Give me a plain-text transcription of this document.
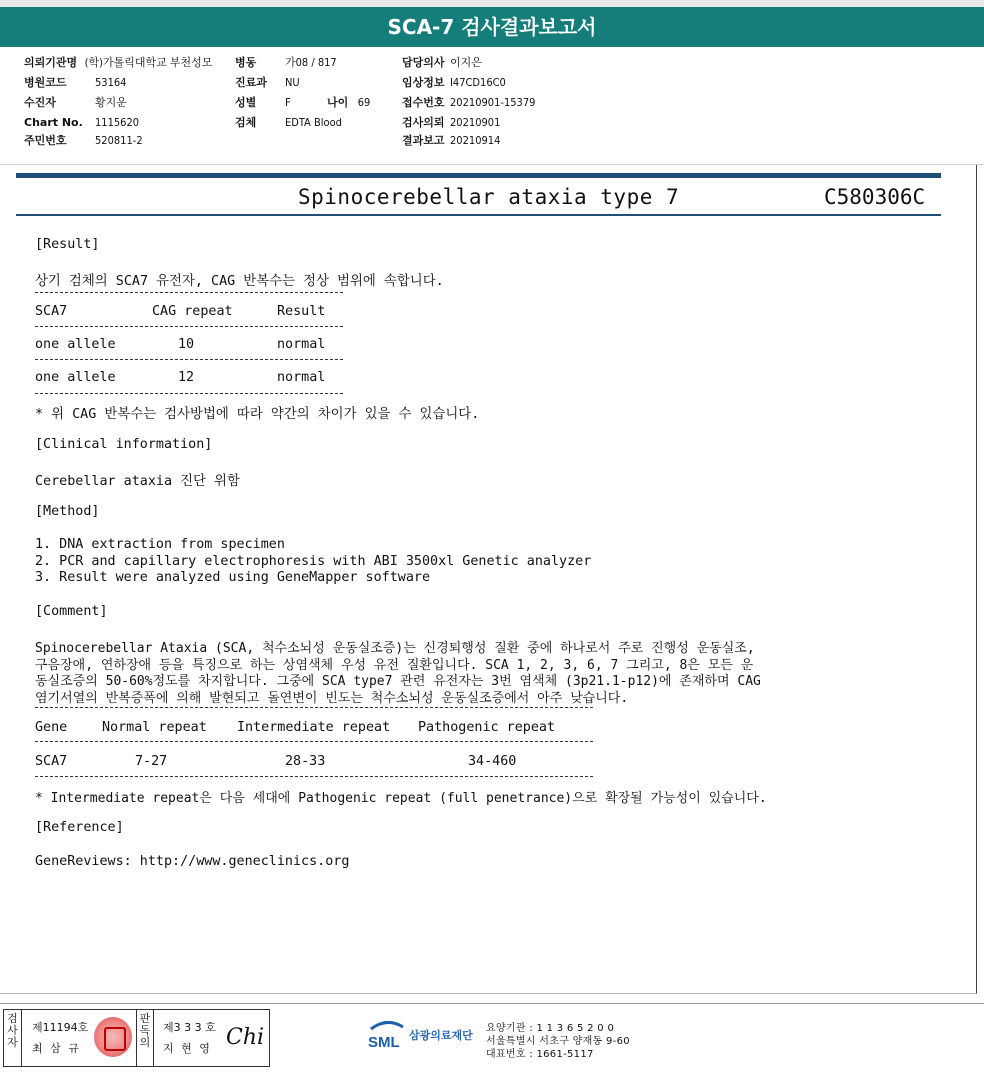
SCA-7 검사결과보고서
의뢰기관명 (학)가톨릭대학교 부천성모
병원코드	53164
수진자	황지운
Chart No. 1115620
주민번호	520811-2
병동	가08 / 817
진료과 NU
성별	F	나이 69
검체	EDTA Blood
담당의사 이지은
임상정보 I47CD16C0
접수번호 20210901-15379
검사의뢰 20210901
결과보고 20210914
Spinocerebellar ataxia type 7	C580306C
[Result]
상기 검체의 SCA7 유전자, CAG 반복수는 정상 범위에 속합니다.
SCA7	CAG repeat	Result
one allele	10	normal
one allele	12	normal
* 위 CAG 반복수는 검사방법에 따라 약간의 차이가 있을 수 있습니다.
[Clinical information]
Cerebellar ataxia 진단 위함
[Method]
1. DNA extraction from specimen
2. PCR and capillary electrophoresis with ABI 3500xl Genetic analyzer
3. Result were analyzed using GeneMapper software
[Comment]
Spinocerebellar Ataxia (SCA, 척수소뇌성 운동실조증)는 신경퇴행성 질환 중에 하나로서 주로 진행성 운동실조,
구음장애, 연하장애 등을 특징으로 하는 상염색체 우성 유전 질환입니다. SCA 1, 2, 3, 6, 7 그리고, 8은 모든 운
동실조증의 50-60%정도를 차지합니다. 그중에 SCA type7 관련 유전자는 3번 염색체 (3p21.1-p12)에 존재하며 CAG
염기서열의 반복증폭에 의해 발현되고 돌연변이 빈도는 척수소뇌성 운동실조증에서 아주 낮습니다.
Gene	Normal repeat Intermediate repeat Pathogenic repeat
SCA7	7-27	28-33	34-460
* Intermediate repeat은 다음 세대에 Pathogenic repeat (full penetrance)으로 확장될 가능성이 있습니다.
[Reference]
GeneReviews: http://www.geneclinics.org
검사자
판독의
제11194호
최 삼 규
제3 3 3 호
지 현 영 Chi	SML 삼광의료재단
요양기관 : 1 1 3 6 5 2 0 0
서울특별시 서초구 양재동 9-60
대표번호 : 1661-5117
